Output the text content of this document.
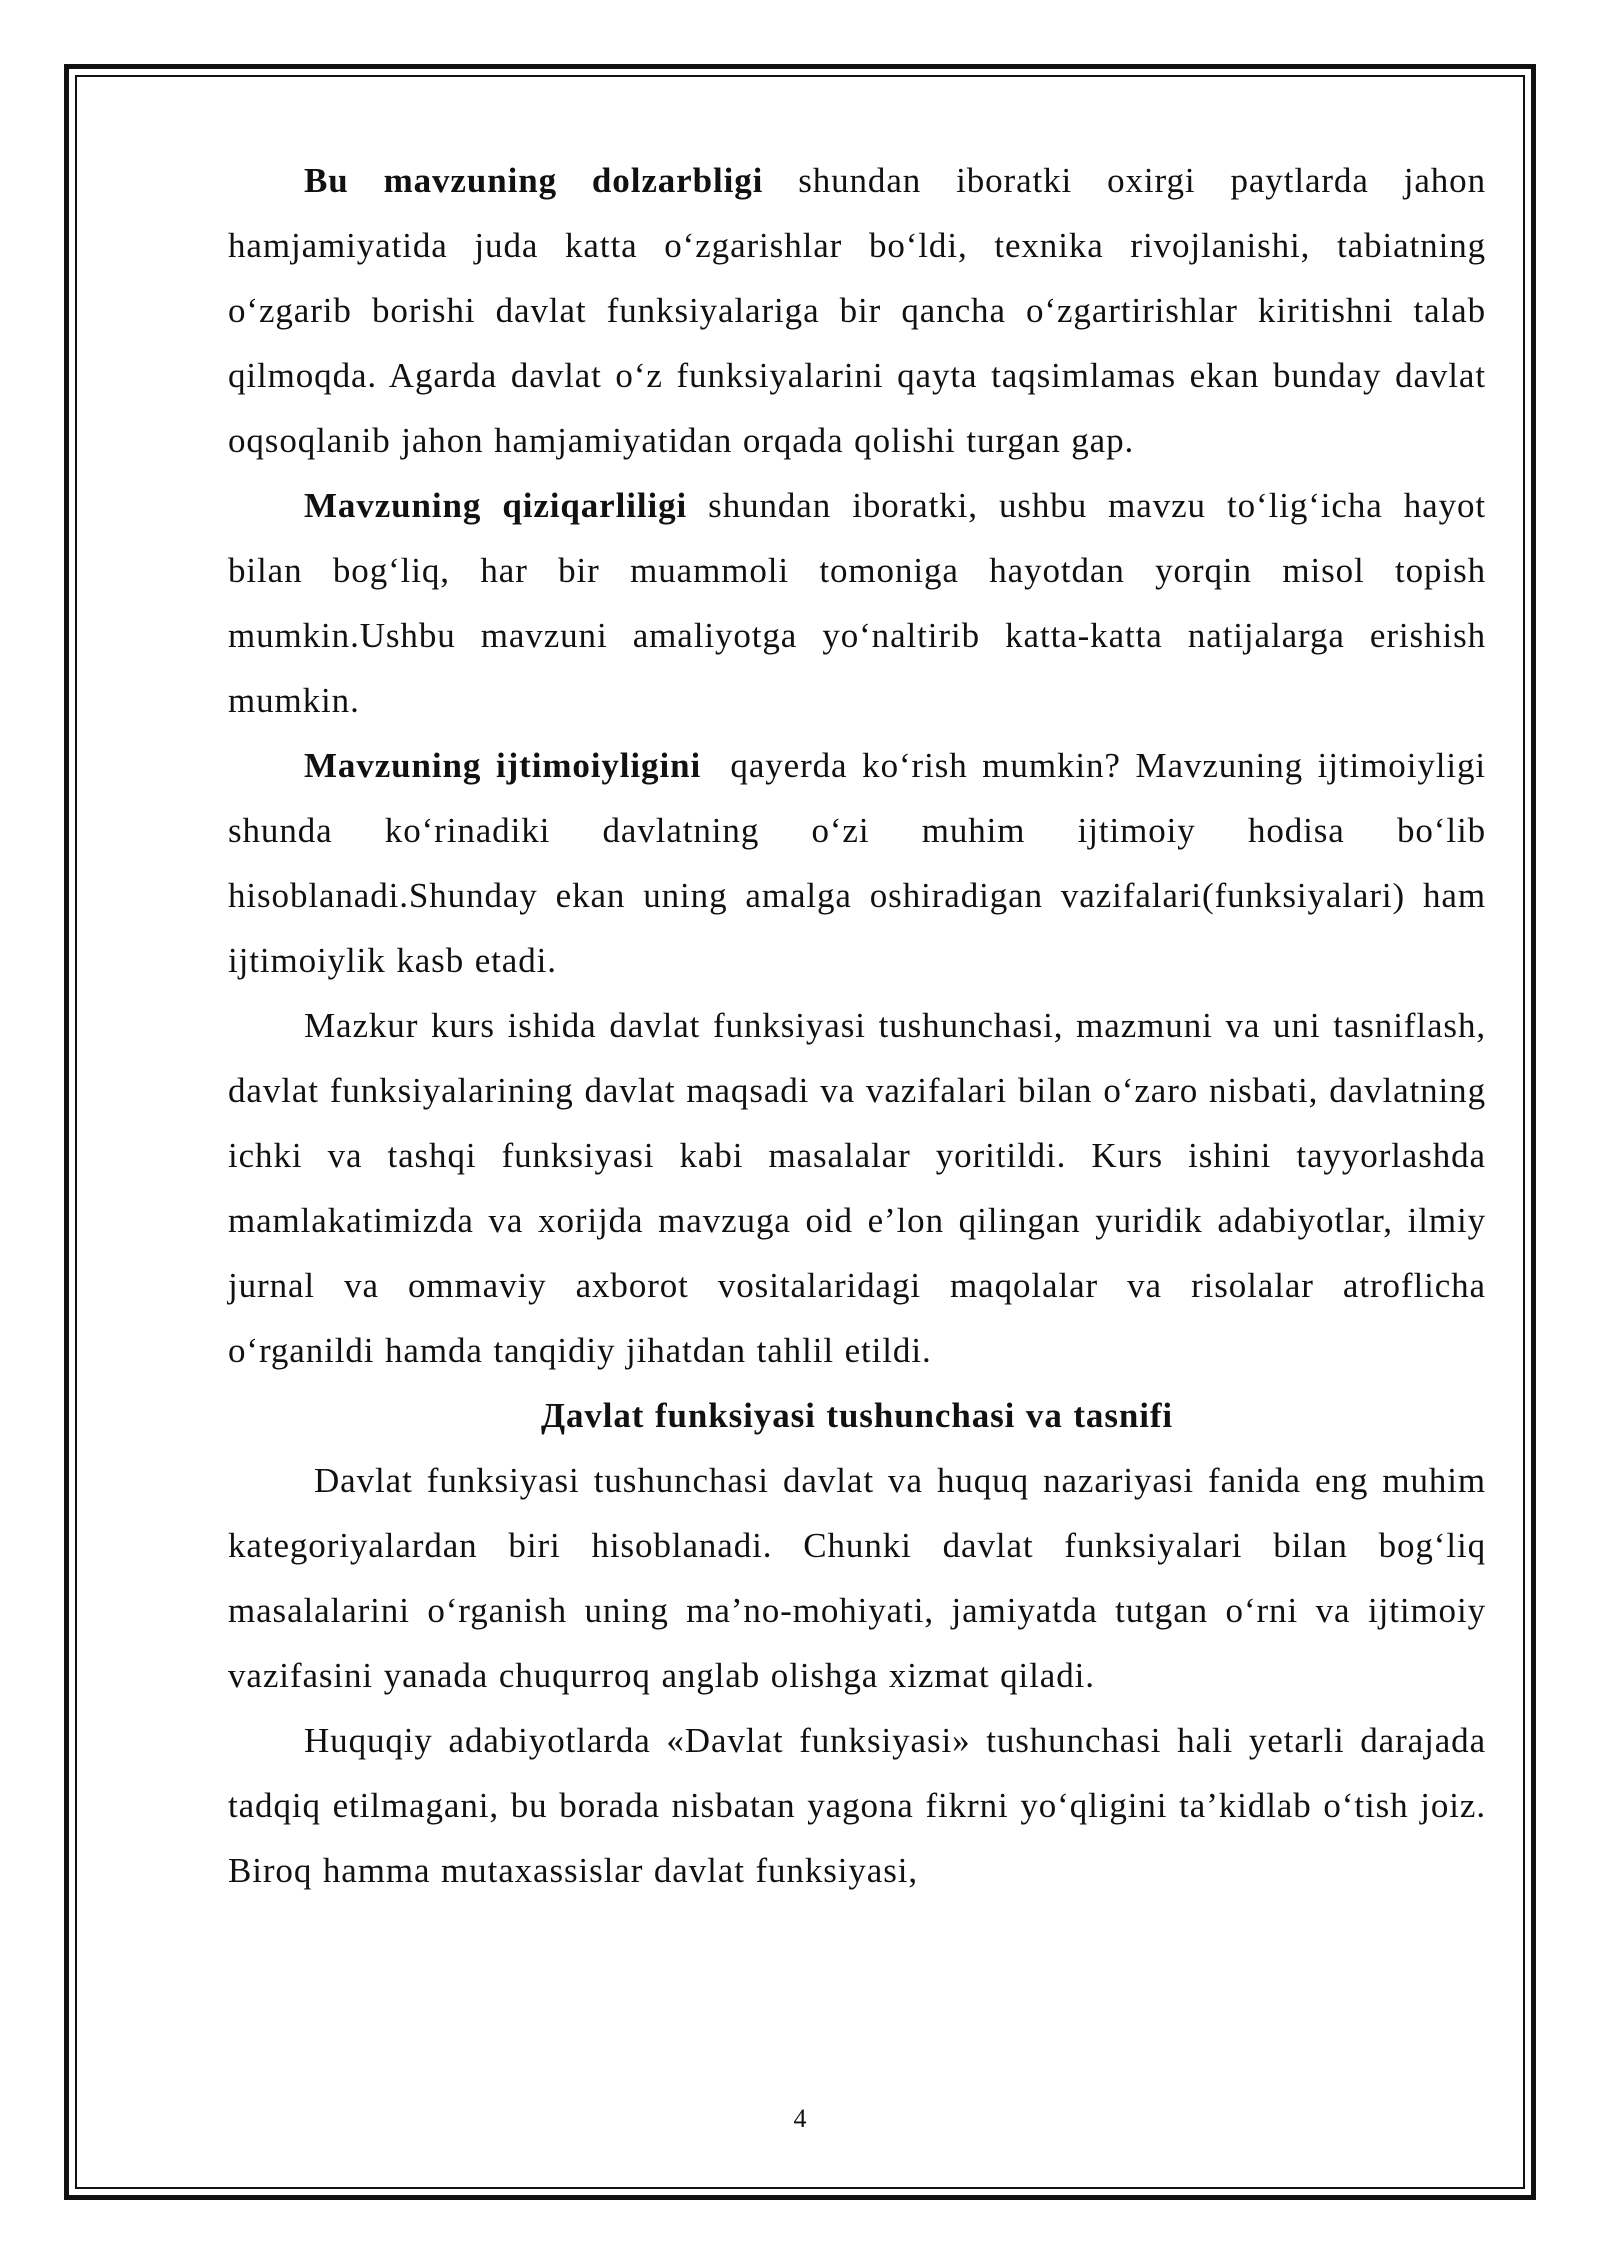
Bu mavzuning dolzarbligi shundan iboratki oxirgi paytlarda jahon hamjamiyatida juda katta o‘zgarishlar bo‘ldi, texnika rivojlanishi, tabiatning o‘zgarib borishi davlat funksiyalariga bir qancha o‘zgartirishlar kiritishni talab qilmoqda. Agarda davlat o‘z funksiyalarini qayta taqsimlamas ekan bunday davlat oqsoqlanib jahon hamjamiyatidan orqada qolishi turgan gap.

Mavzuning qiziqarliligi shundan iboratki, ushbu mavzu to‘lig‘icha hayot bilan bog‘liq, har bir muammoli tomoniga hayotdan yorqin misol topish mumkin.Ushbu mavzuni amaliyotga yo‘naltirib katta-katta natijalarga erishish mumkin.

Mavzuning ijtimoiyligini  qayerda ko‘rish mumkin? Mavzuning ijtimoiyligi shunda ko‘rinadiki davlatning o‘zi muhim ijtimoiy hodisa bo‘lib hisoblanadi.Shunday ekan uning amalga oshiradigan vazifalari(funksiyalari) ham ijtimoiylik kasb etadi.

Mazkur kurs ishida davlat funksiyasi tushunchasi, mazmuni va uni tasniflash, davlat funksiyalarining davlat maqsadi va vazifalari bilan o‘zaro nisbati, davlatning ichki va tashqi funksiyasi kabi masalalar yoritildi. Kurs ishini tayyorlashda mamlakatimizda va xorijda mavzuga oid e’lon qilingan yuridik adabiyotlar, ilmiy jurnal va ommaviy axborot vositalaridagi maqolalar va risolalar atroflicha o‘rganildi hamda tanqidiy jihatdan tahlil etildi.

Дavlat funksiyasi tushunchasi va tasnifi

Davlat funksiyasi tushunchasi davlat va huquq nazariyasi fanida eng muhim kategoriyalardan biri hisoblanadi. Chunki davlat funksiyalari bilan bog‘liq masalalarini o‘rganish uning ma’no-mohiyati, jamiyatda tutgan o‘rni va ijtimoiy vazifasini yanada chuqurroq anglab olishga xizmat qiladi.

Huquqiy adabiyotlarda «Davlat funksiyasi» tushunchasi hali yetarli darajada tadqiq etilmagani, bu borada nisbatan yagona fikrni yo‘qligini ta’kidlab o‘tish joiz. Biroq hamma mutaxassislar davlat funksiyasi,

4
